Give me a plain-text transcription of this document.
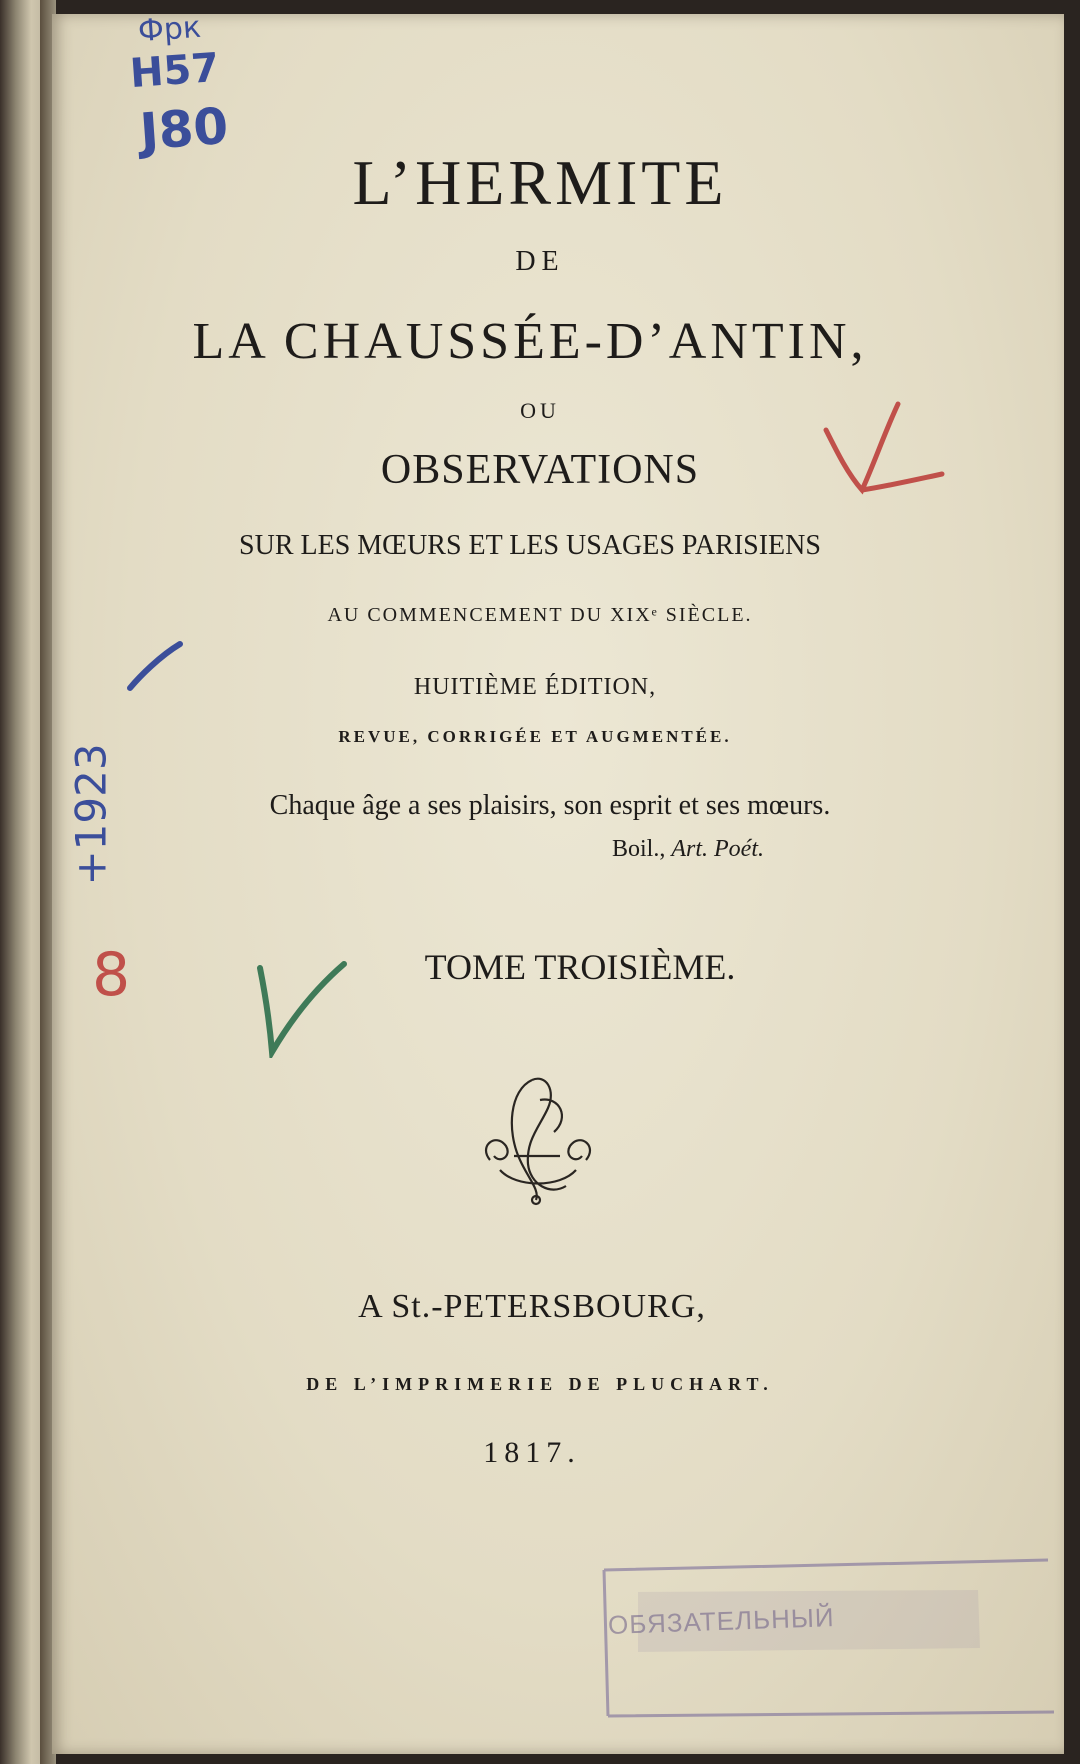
L’HERMITE
DE
LA CHAUSSÉE-D’ANTIN,
OU
OBSERVATIONS
SUR LES MŒURS ET LES USAGES PARISIENS
AU COMMENCEMENT DU XIXᵉ SIÈCLE.
HUITIÈME ÉDITION,
REVUE, CORRIGÉE ET AUGMENTÉE.
Chaque âge a ses plaisirs, son esprit et ses mœurs.
Boil., Art. Poét.
TOME TROISIÈME.
A St.-PETERSBOURG,
DE L’IMPRIMERIE DE PLUCHART.
1817.
Фрк
H57
J80
+1923
8
ОБЯЗАТЕЛЬНЫЙ
